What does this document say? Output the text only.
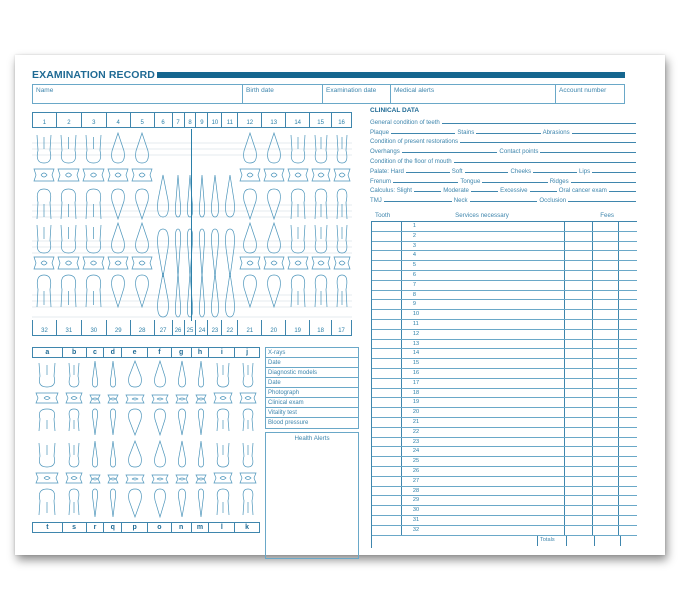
EXAMINATION RECORD
Name	Birth date	Examination date	Medical alerts	Account number
1	2	3	4	5	6	7	8	9	10	11	12	13	14	15	16
32	31	30	29	28	27	26 25 24	23	22	21	20	19	18	17
a	b	c	d	e	f	g	h	i	j
t	s	r	q	p	o	n	m	l	k
X-rays
Date
Diagnostic models
Date
Photograph
Clinical exam
Vitality test
Blood pressure
Health Alerts
CLINICAL DATA
General condition of teeth
Plaque	Stains	Abrasions
Condition of present restorations
Overhangs	Contact points
Condition of the floor of mouth
Palate: Hard	Soft	Cheeks	Lips
Frenum	Tongue	Ridges
Calculus: Slight	Moderate	Excessive	Oral cancer exam
TMJ	Neck	Occlusion
Tooth	Services necessary	Fees
1
2
3
4
5
6
7
8
9
10
11
12
13
14
15
16
17
18
19
20
21
22
23
24
25
26
27
28
29
30
31
32
Totals
